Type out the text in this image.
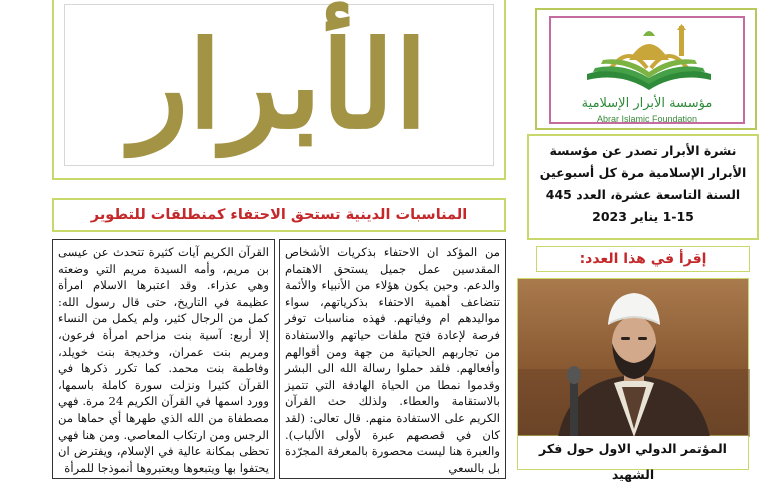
الأبرار	مؤسسة الأبرار الإسلامية
Abrar Islamic Foundation

نشرة الأبرار تصدر عن مؤسسة

الأبرار الإسلامية مرة كل أسبوعين

السنة التاسعة عشرة، العدد 445

1-15 يناير 2023

المناسبات الدينية تستحق الاحتفاء كمنطلقات للتطوير
إقرأ في هذا العدد:
المؤتمر الدولي الاول حول فكر الشهيد

من المؤكد ان الاحتفاء بذكريات الأشخاص المقدسين عمل جميل يستحق الاهتمام والدعم. وحين يكون هؤلاء من الأنبياء والأئمة تتضاعف أهمية الاحتفاء بذكرياتهم، سواء مواليدهم ام وفياتهم. فهذه مناسبات توفر فرصة لإعادة فتح ملفات حياتهم والاستفادة من تجاربهم الحياتية من جهة ومن أقوالهم وأفعالهم. فلقد حملوا رسالة الله الى البشر وقدموا نمطا من الحياة الهادفة التي تتميز بالاستقامة والعطاء. ولذلك حث القرآن الكريم على الاستفادة منهم. قال تعالى: (لقد كان في قصصهم عبرة لأولى الألباب). والعبرة هنا ليست محصورة بالمعرفة المجرّدة بل بالسعي

القرآن الكريم آيات كثيرة تتحدث عن عيسى بن مريم، وأمه السيدة مريم التي وضعته وهي عذراء. وقد اعتبرها الاسلام امرأة عظيمة في التاريخ، حتى قال رسول الله: كمل من الرجال كثير، ولم يكمل من النساء إلا أربع: آسية بنت مزاحم امرأة فرعون، ومريم بنت عمران، وخديجة بنت خويلد، وفاطمة بنت محمد. كما تكرر ذكرها في القرآن كثيرا ونزلت سورة كاملة باسمها، وورد اسمها في القرآن الكريم 24 مرة. فهي مصطفاة من الله الذي طهرها أي حماها من الرجس ومن ارتكاب المعاصي. ومن هنا فهي تحظى بمكانة عالية في الإسلام، ويفترض ان يحتفوا بها ويتبعوها ويعتبروها أنموذجا للمرأة
